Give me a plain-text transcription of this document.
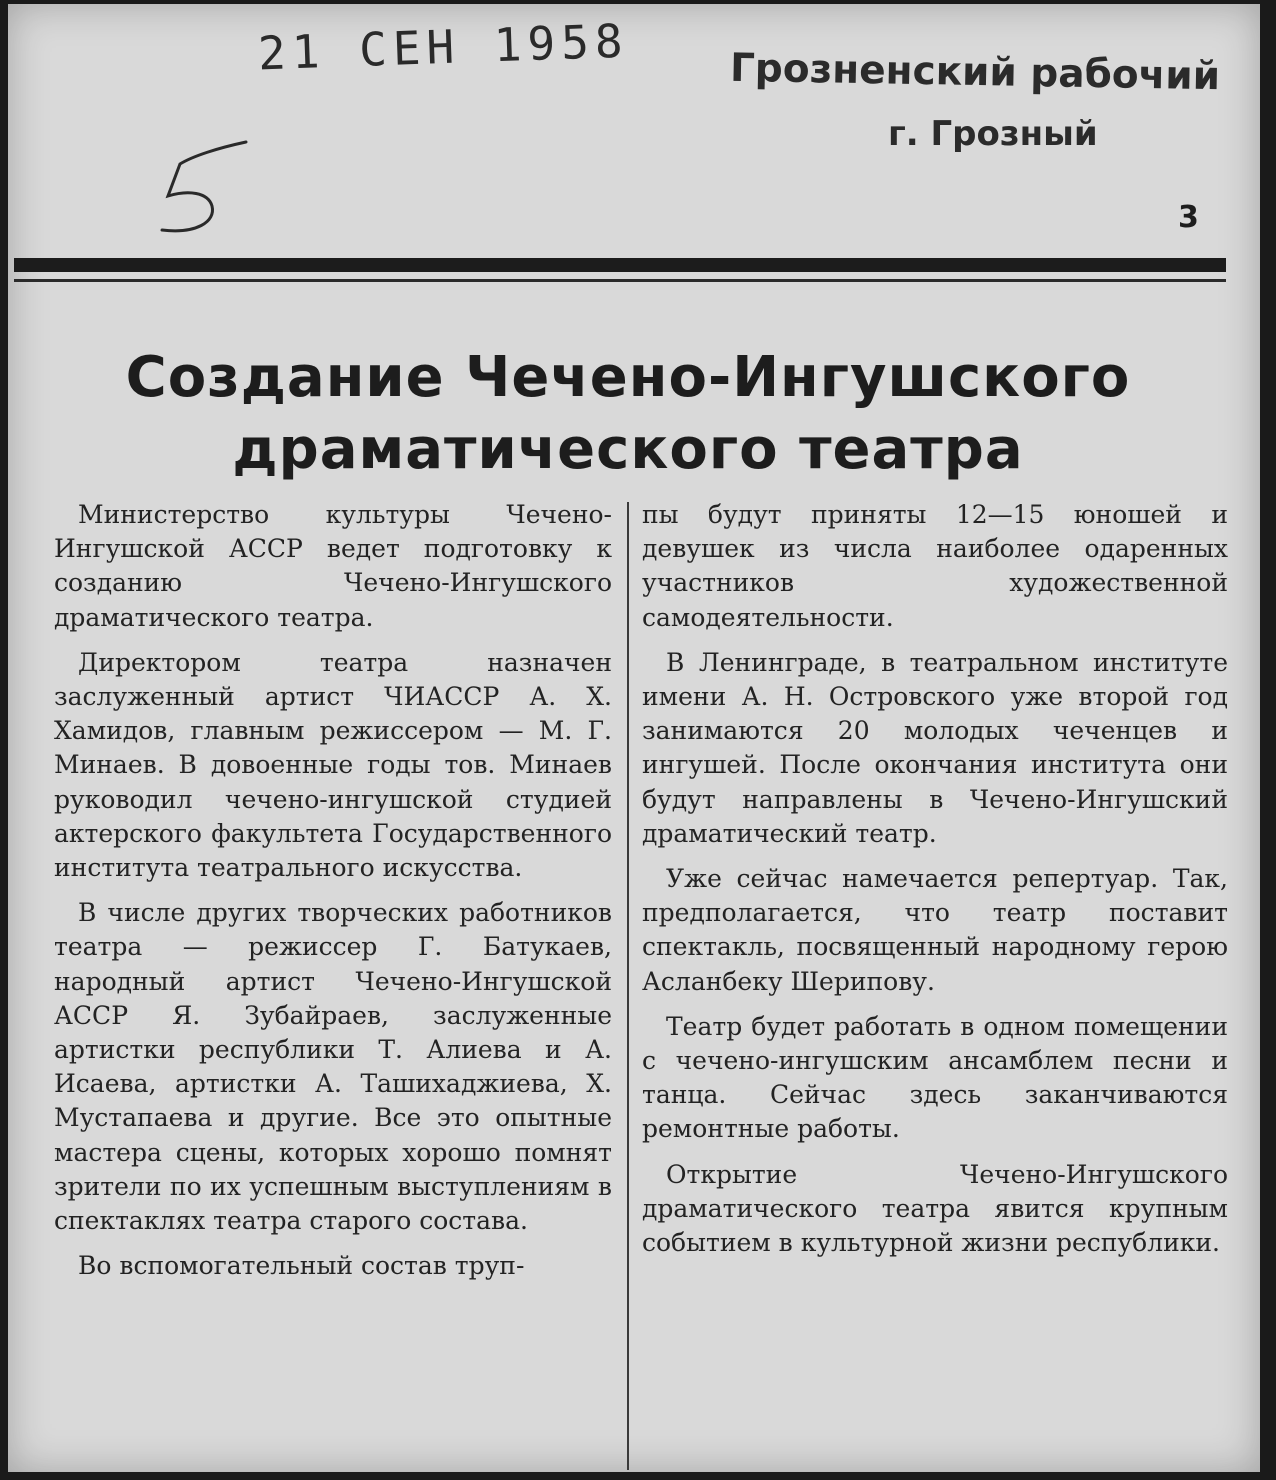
21 СЕН 1958	Грозненский рабочий
г. Грозный
3
Создание Чечено-Ингушского
драматического театра

Министерство культуры Чечено-Ингушской АССР ведет подготовку к созданию Чечено-Ингушского драматического театра.

Директором театра назначен заслуженный артист ЧИАССР А. Х. Хамидов, главным режиссером — М. Г. Минаев. В довоенные годы тов. Минаев руководил чечено-ингушской студией актерского факультета Государственного института театрального искусства.

В числе других творческих работников театра — режиссер Г. Батукаев, народный артист Чечено-Ингушской АССР Я. Зубайраев, заслуженные артистки республики Т. Алиева и А. Исаева, артистки А. Ташихаджиева, Х. Мустапаева и другие. Все это опытные мастера сцены, которых хорошо помнят зрители по их успешным выступлениям в спектаклях театра старого состава.

Во вспомогательный состав труп-

пы будут приняты 12—15 юношей и девушек из числа наиболее одаренных участников художественной самодеятельности.

В Ленинграде, в театральном институте имени А. Н. Островского уже второй год занимаются 20 молодых чеченцев и ингушей. После окончания института они будут направлены в Чечено-Ингушский драматический театр.

Уже сейчас намечается репертуар. Так, предполагается, что театр поставит спектакль, посвященный народному герою Асланбеку Шерипову.

Театр будет работать в одном помещении с чечено-ингушским ансамблем песни и танца. Сейчас здесь заканчиваются ремонтные работы.

Открытие Чечено-Ингушского драматического театра явится крупным событием в культурной жизни республики.
